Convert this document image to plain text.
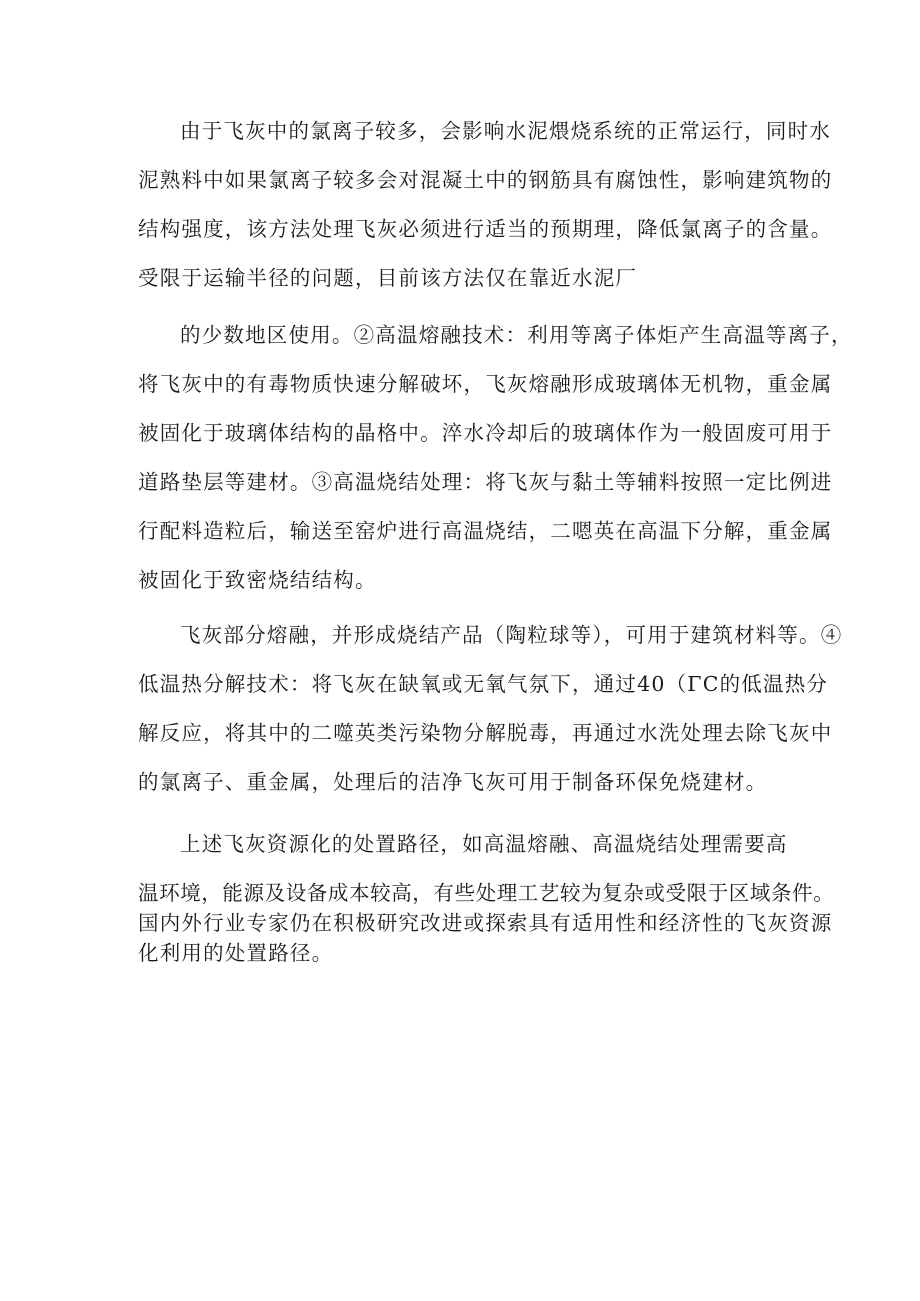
由于飞灰中的氯离子较多，会影响水泥煨烧系统的正常运行，同时水
泥熟料中如果氯离子较多会对混凝土中的钢筋具有腐蚀性，影响建筑物的
结构强度，该方法处理飞灰必须进行适当的预期理，降低氯离子的含量。
受限于运输半径的问题，目前该方法仅在靠近水泥厂
的少数地区使用。②高温熔融技术：利用等离子体炬产生高温等离子，
将飞灰中的有毒物质快速分解破坏，飞灰熔融形成玻璃体无机物，重金属
被固化于玻璃体结构的晶格中。淬水冷却后的玻璃体作为一般固废可用于
道路垫层等建材。③高温烧结处理：将飞灰与黏土等辅料按照一定比例进
行配料造粒后，输送至窑炉进行高温烧结，二嗯英在高温下分解，重金属
被固化于致密烧结结构。
飞灰部分熔融，并形成烧结产品（陶粒球等），可用于建筑材料等。④
低温热分解技术：将飞灰在缺氧或无氧气氛下，通过40（ΓC的低温热分
解反应，将其中的二噬英类污染物分解脱毒，再通过水洗处理去除飞灰中
的氯离子、重金属，处理后的洁净飞灰可用于制备环保免烧建材。
上述飞灰资源化的处置路径，如高温熔融、高温烧结处理需要高
温环境，能源及设备成本较高，有些处理工艺较为复杂或受限于区域条件。
国内外行业专家仍在积极研究改进或探索具有适用性和经济性的飞灰资源
化利用的处置路径。
